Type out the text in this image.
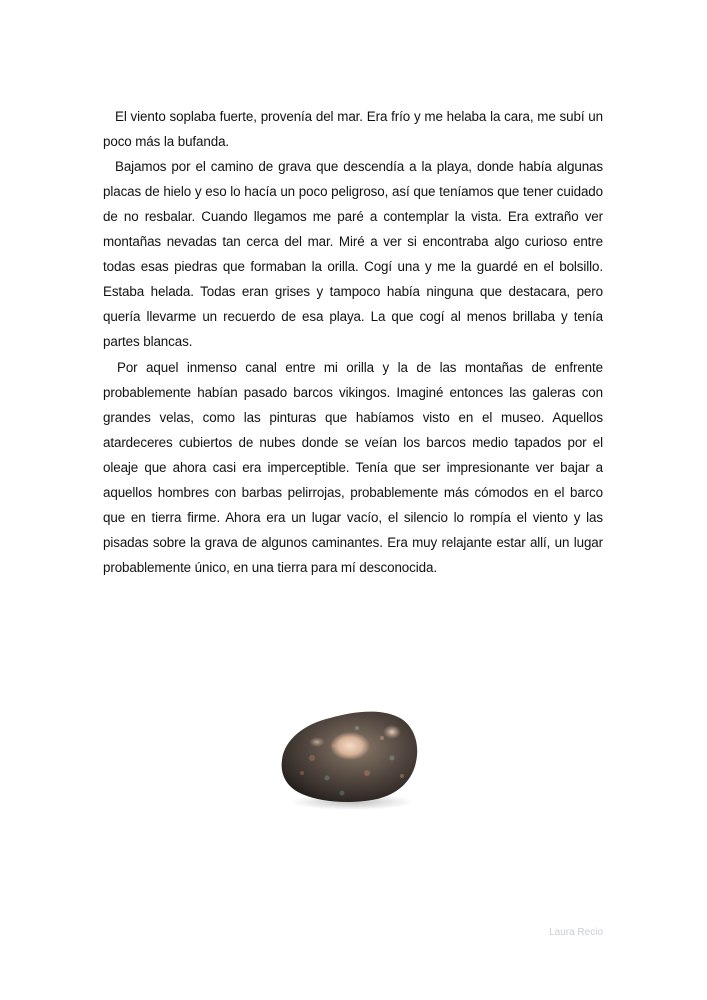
El viento soplaba fuerte, provenía del mar. Era frío y me helaba la cara, me subí un poco más la bufanda.

Bajamos por el camino de grava que descendía a la playa, donde había algunas placas de hielo y eso lo hacía un poco peligroso, así que teníamos que tener cuidado de no resbalar. Cuando llegamos me paré a contemplar la vista. Era extraño ver montañas nevadas tan cerca del mar. Miré a ver si encontraba algo curioso entre todas esas piedras que formaban la orilla. Cogí una y me la guardé en el bolsillo. Estaba helada. Todas eran grises y tampoco había ninguna que destacara, pero quería llevarme un recuerdo de esa playa. La que cogí al menos brillaba y tenía partes blancas.

Por aquel inmenso canal entre mi orilla y la de las montañas de enfrente probablemente habían pasado barcos vikingos. Imaginé entonces las galeras con grandes velas, como las pinturas que habíamos visto en el museo. Aquellos atardeceres cubiertos de nubes donde se veían los barcos medio tapados por el oleaje que ahora casi era imperceptible. Tenía que ser impresionante ver bajar a aquellos hombres con barbas pelirrojas, probablemente más cómodos en el barco que en tierra firme. Ahora era un lugar vacío, el silencio lo rompía el viento y las pisadas sobre la grava de algunos caminantes. Era muy relajante estar allí, un lugar probablemente único, en una tierra para mí desconocida.

Laura Recio
